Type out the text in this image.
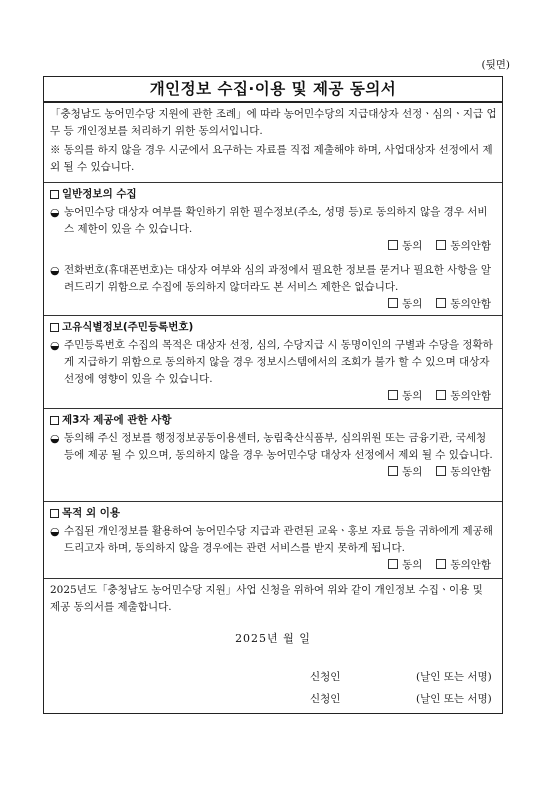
(뒷면)
개인정보 수집·이용 및 제공 동의서

「충청남도 농어민수당 지원에 관한 조례」에 따라 농어민수당의 지급대상자 선정ㆍ심의ㆍ지급 업무 등 개인정보를 처리하기 위한 동의서입니다.

※ 동의를 하지 않을 경우 시군에서 요구하는 자료를 직접 제출해야 하며, 사업대상자 선정에서 제외 될 수 있습니다.

일반정보의 수집
◒ 농어민수당 대상자 여부를 확인하기 위한 필수정보(주소, 성명 등)로 동의하지 않을 경우 서비스 제한이 있을 수 있습니다.

동의	동의안함
◒ 전화번호(휴대폰번호)는 대상자 여부와 심의 과정에서 필요한 정보를 묻거나 필요한 사항을 알려드리기 위함으로 수집에 동의하지 않더라도 본 서비스 제한은 없습니다.

동의	동의안함
고유식별정보(주민등록번호)
◒ 주민등록번호 수집의 목적은 대상자 선정, 심의, 수당지급 시 동명이인의 구별과 수당을 정확하게 지급하기 위함으로 동의하지 않을 경우 정보시스템에서의 조회가 불가 할 수 있으며 대상자 선정에 영향이 있을 수 있습니다.

동의	동의안함
제3자 제공에 관한 사항
◒ 동의해 주신 정보를 행정정보공동이용센터, 농림축산식품부, 심의위원 또는 금융기관, 국세청 등에 제공 될 수 있으며, 동의하지 않을 경우 농어민수당 대상자 선정에서 제외 될 수 있습니다.

동의	동의안함
목적 외 이용
◒ 수집된 개인정보를 활용하여 농어민수당 지급과 관련된 교육ㆍ홍보 자료 등을 귀하에게 제공해 드리고자 하며, 동의하지 않을 경우에는 관련 서비스를 받지 못하게 됩니다.

동의	동의안함

2025년도「충청남도 농어민수당 지원」사업 신청을 위하여 위와 같이 개인정보 수집ㆍ이용 및 제공 동의서를 제출합니다.

2025년 월 일
신청인	(날인 또는 서명)
신청인	(날인 또는 서명)
